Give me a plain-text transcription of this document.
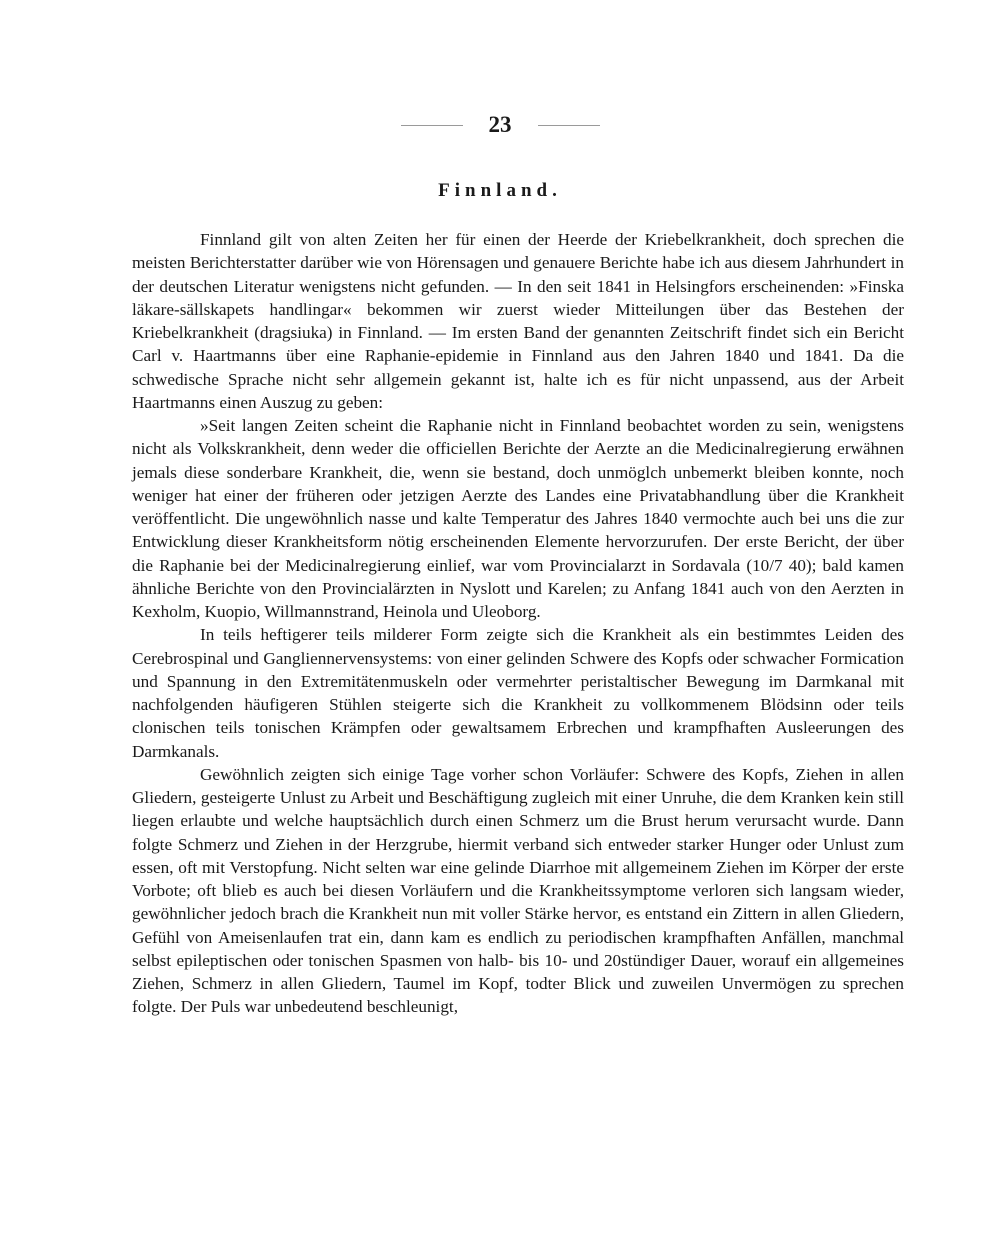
23
Finnland.

Finnland gilt von alten Zeiten her für einen der Heerde der Kriebelkrankheit, doch sprechen die meisten Berichterstatter darüber wie von Hörensagen und genauere Berichte habe ich aus diesem Jahrhundert in der deutschen Literatur wenigstens nicht gefunden. — In den seit 1841 in Helsingfors erscheinenden: »Finska läkare-sällskapets handlingar« bekommen wir zuerst wieder Mitteilungen über das Bestehen der Kriebelkrankheit (dragsiuka) in Finnland. — Im ersten Band der genannten Zeitschrift findet sich ein Bericht Carl v. Haartmanns über eine Raphanie-epidemie in Finnland aus den Jahren 1840 und 1841. Da die schwedische Sprache nicht sehr allgemein gekannt ist, halte ich es für nicht unpassend, aus der Arbeit Haartmanns einen Auszug zu geben:

»Seit langen Zeiten scheint die Raphanie nicht in Finnland beobachtet worden zu sein, wenigstens nicht als Volkskrankheit, denn weder die officiellen Berichte der Aerzte an die Medicinalregierung erwähnen jemals diese sonderbare Krankheit, die, wenn sie bestand, doch unmöglch unbemerkt bleiben konnte, noch weniger hat einer der früheren oder jetzigen Aerzte des Landes eine Privatabhandlung über die Krankheit veröffentlicht. Die ungewöhnlich nasse und kalte Temperatur des Jahres 1840 vermochte auch bei uns die zur Entwicklung dieser Krankheitsform nötig erscheinenden Elemente hervorzurufen. Der erste Bericht, der über die Raphanie bei der Medicinalregierung einlief, war vom Provincialarzt in Sordavala (10/7 40); bald kamen ähnliche Berichte von den Provincialärzten in Nyslott und Karelen; zu Anfang 1841 auch von den Aerzten in Kexholm, Kuopio, Willmannstrand, Heinola und Uleoborg.

In teils heftigerer teils milderer Form zeigte sich die Krankheit als ein bestimmtes Leiden des Cerebrospinal und Ganglіennervensystems: von einer gelinden Schwere des Kopfs oder schwacher Formication und Spannung in den Extremitätenmuskeln oder vermehrter peristaltischer Bewegung im Darmkanal mit nachfolgenden häufigeren Stühlen steigerte sich die Krankheit zu vollkommenem Blödsinn oder teils clonischen teils tonischen Krämpfen oder gewaltsamem Erbrechen und krampfhaften Ausleerungen des Darmkanals.

Gewöhnlich zeigten sich einige Tage vorher schon Vorläufer: Schwere des Kopfs, Ziehen in allen Gliedern, gesteigerte Unlust zu Arbeit und Beschäftigung zugleich mit einer Unruhe, die dem Kranken kein still liegen erlaubte und welche hauptsächlich durch einen Schmerz um die Brust herum verursacht wurde. Dann folgte Schmerz und Ziehen in der Herzgrube, hiermit verband sich entweder starker Hunger oder Unlust zum essen, oft mit Verstopfung. Nicht selten war eine gelinde Diarrhoe mit allgemeinem Ziehen im Körper der erste Vorbote; oft blieb es auch bei diesen Vorläufern und die Krankheitssymptome verloren sich langsam wieder, gewöhnlicher jedoch brach die Krankheit nun mit voller Stärke hervor, es entstand ein Zittern in allen Gliedern, Gefühl von Ameisenlaufen trat ein, dann kam es endlich zu periodischen krampfhaften Anfällen, manchmal selbst epileptischen oder tonischen Spasmen von halb- bis 10- und 20stündiger Dauer, worauf ein allgemeines Ziehen, Schmerz in allen Gliedern, Taumel im Kopf, todter Blick und zuweilen Unvermögen zu sprechen folgte. Der Puls war unbedeutend beschleunigt,
